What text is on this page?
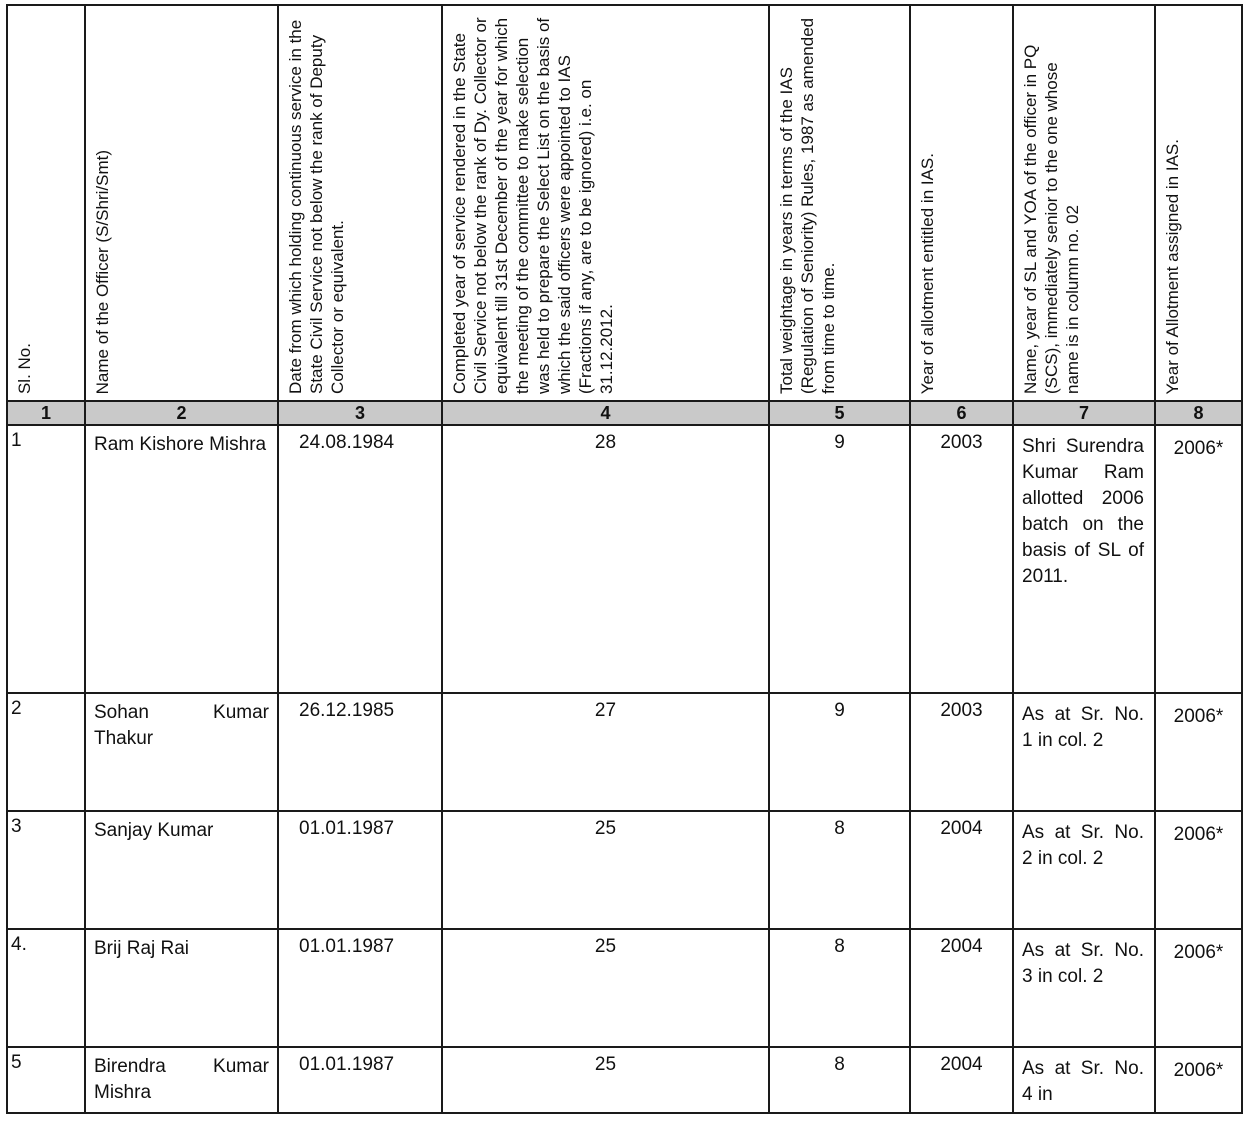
Sl. No.	Name of the Officer (S/Shri/Smt)	Date from which holding continuous service in the State Civil Service not below the rank of Deputy Collector or equivalent.	Completed year of service rendered in the State Civil Service not below the rank of Dy. Collector or equivalent till 31st December of the year for which the meeting of the committee to make selection was held to prepare the Select List on the basis of which the said officers were appointed to IAS (Fractions if any, are to be ignored) i.e. on 31.12.2012.	Total weightage in years in terms of the IAS (Regulation of Seniority) Rules, 1987 as amended from time to time.	Year of allotment entitled in IAS.	Name, year of SL and YOA of the officer in PQ (SCS), immediately senior to the one whose name is in column no. 02	Year of Allotment assigned in IAS.

1	2	3	4	5	6	7	8
1	Ram Kishore Mishra	24.08.1984	28	9	2003	Shri Surendra Kumar Ram allotted 2006 batch on the basis of SL of 2011.	2006*
2	Sohan Kumar Thakur	26.12.1985	27	9	2003	As at Sr. No. 1 in col. 2	2006*
3	Sanjay Kumar	01.01.1987	25	8	2004	As at Sr. No. 2 in col. 2	2006*
4.	Brij Raj Rai	01.01.1987	25	8	2004	As at Sr. No. 3 in col. 2	2006*
5	Birendra Kumar Mishra	01.01.1987	25	8	2004	As at Sr. No. 4 in	2006*
